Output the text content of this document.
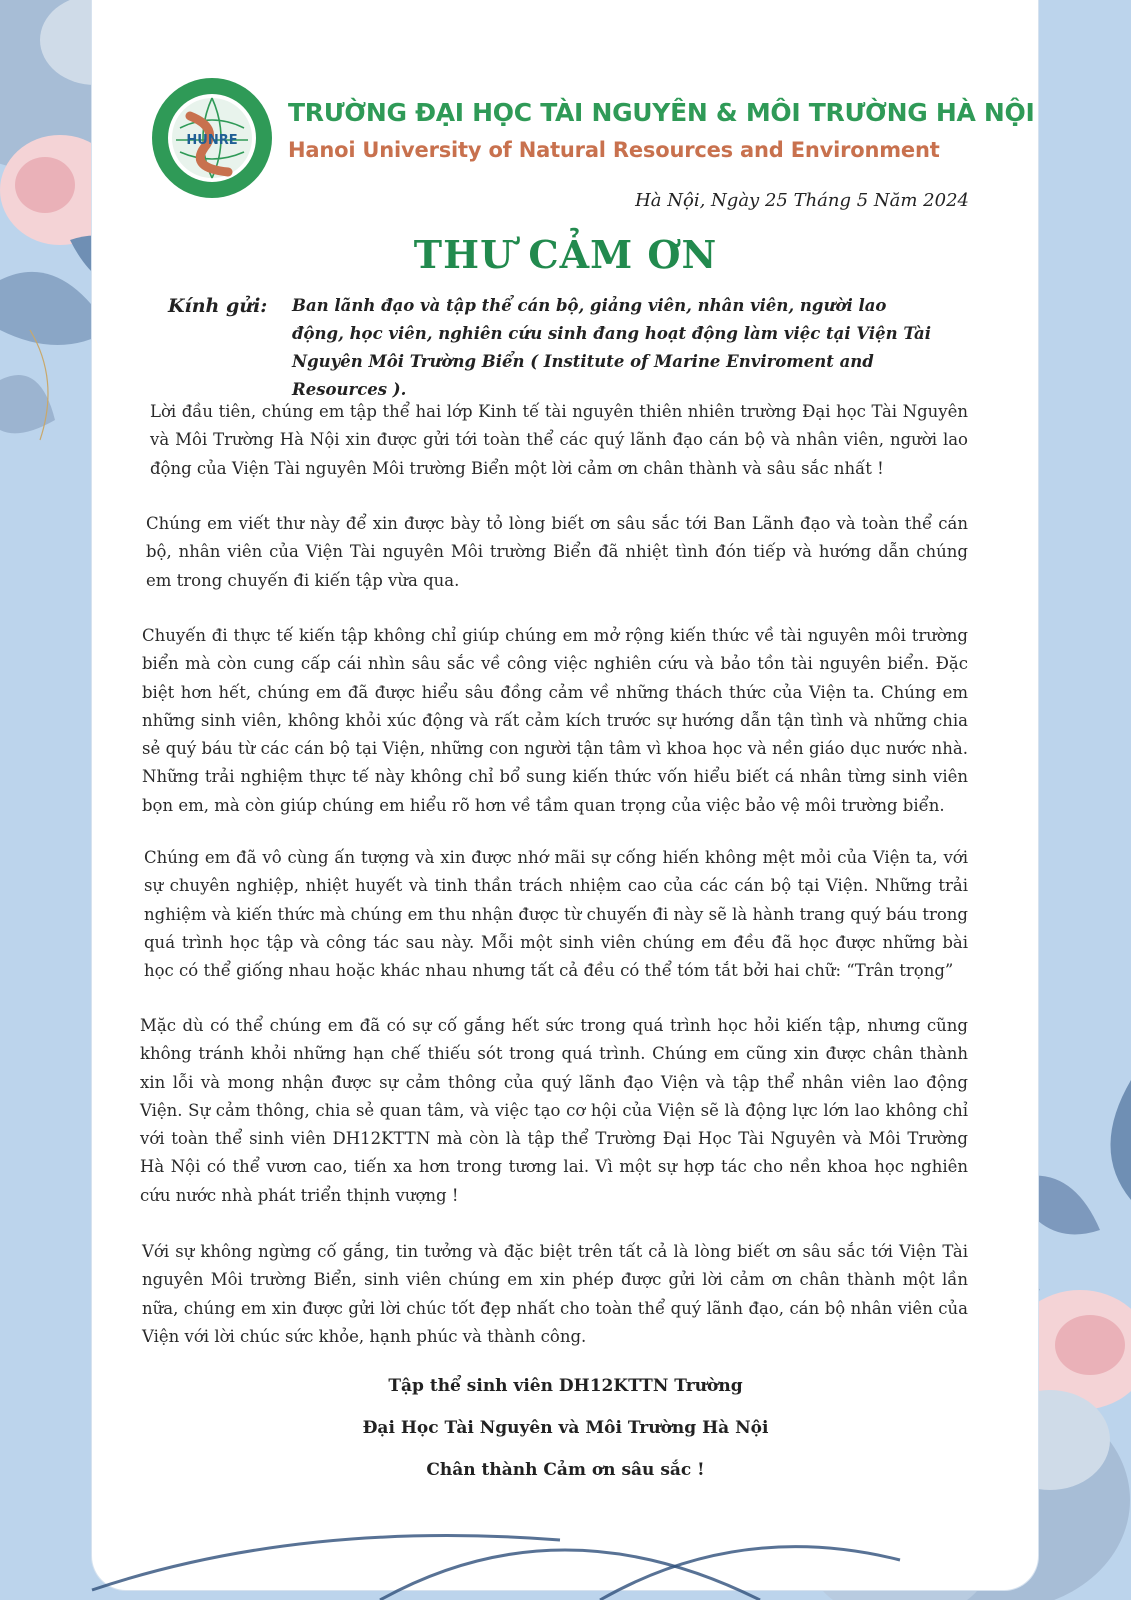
HUNRE
TRƯỜNG ĐẠI HỌC TÀI NGUYÊN & MÔI TRƯỜNG HÀ NỘI
Hanoi University of Natural Resources and Environment
Hà Nội, Ngày 25 Tháng 5 Năm 2024
THƯ CẢM ƠN
Kính gửi: Ban lãnh đạo và tập thể cán bộ, giảng viên, nhân viên, người lao động, học viên, nghiên cứu sinh đang hoạt động làm việc tại Viện Tài Nguyên Môi Trường Biển ( Institute of Marine Enviroment and Resources ).
Lời đầu tiên, chúng em tập thể hai lớp Kinh tế tài nguyên thiên nhiên trường Đại học Tài Nguyên và Môi Trường Hà Nội xin được gửi tới toàn thể các quý lãnh đạo cán bộ và nhân viên, người lao động của Viện Tài nguyên Môi trường Biển một lời cảm ơn chân thành và sâu sắc nhất !
Chúng em viết thư này để xin được bày tỏ lòng biết ơn sâu sắc tới Ban Lãnh đạo và toàn thể cán bộ, nhân viên của Viện Tài nguyên Môi trường Biển đã nhiệt tình đón tiếp và hướng dẫn chúng em trong chuyến đi kiến tập vừa qua.
Chuyến đi thực tế kiến tập không chỉ giúp chúng em mở rộng kiến thức về tài nguyên môi trường biển mà còn cung cấp cái nhìn sâu sắc về công việc nghiên cứu và bảo tồn tài nguyên biển. Đặc biệt hơn hết, chúng em đã được hiểu sâu đồng cảm về những thách thức của Viện ta. Chúng em những sinh viên, không khỏi xúc động và rất cảm kích trước sự hướng dẫn tận tình và những chia sẻ quý báu từ các cán bộ tại Viện, những con người tận tâm vì khoa học và nền giáo dục nước nhà. Những trải nghiệm thực tế này không chỉ bổ sung kiến thức vốn hiểu biết cá nhân từng sinh viên bọn em, mà còn giúp chúng em hiểu rõ hơn về tầm quan trọng của việc bảo vệ môi trường biển.
Chúng em đã vô cùng ấn tượng và xin được nhớ mãi sự cống hiến không mệt mỏi của Viện ta, với sự chuyên nghiệp, nhiệt huyết và tinh thần trách nhiệm cao của các cán bộ tại Viện. Những trải nghiệm và kiến thức mà chúng em thu nhận được từ chuyến đi này sẽ là hành trang quý báu trong quá trình học tập và công tác sau này. Mỗi một sinh viên chúng em đều đã học được những bài học có thể giống nhau hoặc khác nhau nhưng tất cả đều có thể tóm tắt bởi hai chữ: “Trân trọng”
Mặc dù có thể chúng em đã có sự cố gắng hết sức trong quá trình học hỏi kiến tập, nhưng cũng không tránh khỏi những hạn chế thiếu sót trong quá trình. Chúng em cũng xin được chân thành xin lỗi và mong nhận được sự cảm thông của quý lãnh đạo Viện và tập thể nhân viên lao động Viện. Sự cảm thông, chia sẻ quan tâm, và việc tạo cơ hội của Viện sẽ là động lực lớn lao không chỉ với toàn thể sinh viên DH12KTTN mà còn là tập thể Trường Đại Học Tài Nguyên và Môi Trường Hà Nội có thể vươn cao, tiến xa hơn trong tương lai. Vì một sự hợp tác cho nền khoa học nghiên cứu nước nhà phát triển thịnh vượng !
Với sự không ngừng cố gắng, tin tưởng và đặc biệt trên tất cả là lòng biết ơn sâu sắc tới Viện Tài nguyên Môi trường Biển, sinh viên chúng em xin phép được gửi lời cảm ơn chân thành một lần nữa, chúng em xin được gửi lời chúc tốt đẹp nhất cho toàn thể quý lãnh đạo, cán bộ nhân viên của Viện với lời chúc sức khỏe, hạnh phúc và thành công.
Tập thể sinh viên DH12KTTN Trường
Đại Học Tài Nguyên và Môi Trường Hà Nội
Chân thành Cảm ơn sâu sắc !
